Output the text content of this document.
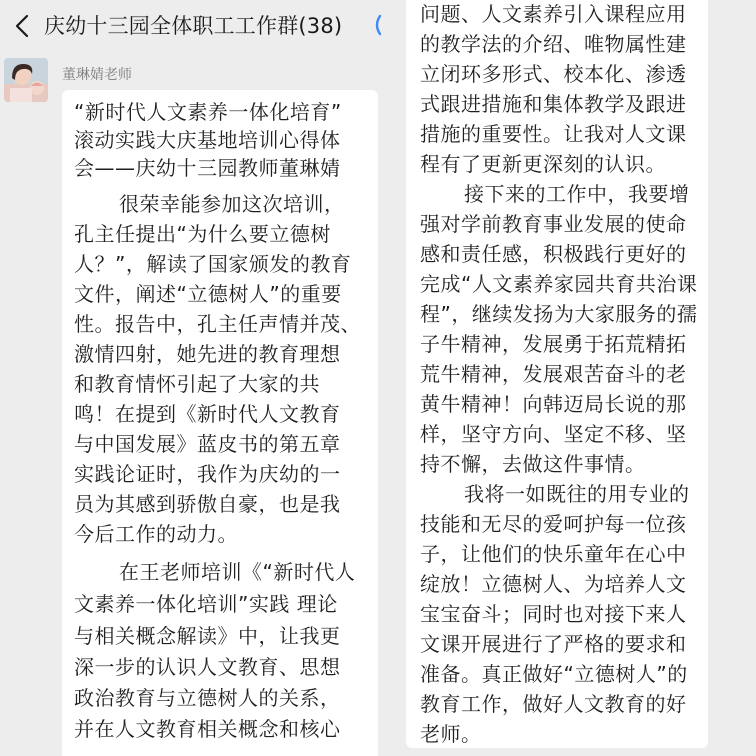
庆幼十三园全体职工工作群(38)
董琳婧老师
“新时代人文素养一体化培育”
滚动实践大庆基地培训心得体
会——庆幼十三园教师董琳婧
很荣幸能参加这次培训，
孔主任提出“为什么要立德树
人？”，解读了国家颁发的教育
文件，阐述“立德树人”的重要
性。报告中，孔主任声情并茂、
激情四射，她先进的教育理想
和教育情怀引起了大家的共
鸣！在提到《新时代人文教育
与中国发展》蓝皮书的第五章
实践论证时，我作为庆幼的一
员为其感到骄傲自豪，也是我
今后工作的动力。
在王老师培训《“新时代人
文素养一体化培训”实践 理论
与相关概念解读》中，让我更
深一步的认识人文教育、思想
政治教育与立德树人的关系，
并在人文教育相关概念和核心
问题、人文素养引入课程应用
的教学法的介绍、唯物属性建
立闭环多形式、校本化、渗透
式跟进措施和集体教学及跟进
措施的重要性。让我对人文课
程有了更新更深刻的认识。
接下来的工作中，我要增
强对学前教育事业发展的使命
感和责任感，积极践行更好的
完成“人文素养家园共育共治课
程”，继续发扬为大家服务的孺
子牛精神，发展勇于拓荒精拓
荒牛精神，发展艰苦奋斗的老
黄牛精神！向韩迈局长说的那
样，坚守方向、坚定不移、坚
持不懈，去做这件事情。
我将一如既往的用专业的
技能和无尽的爱呵护每一位孩
子，让他们的快乐童年在心中
绽放！立德树人、为培养人文
宝宝奋斗；同时也对接下来人
文课开展进行了严格的要求和
准备。真正做好“立德树人”的
教育工作，做好人文教育的好
老师。
